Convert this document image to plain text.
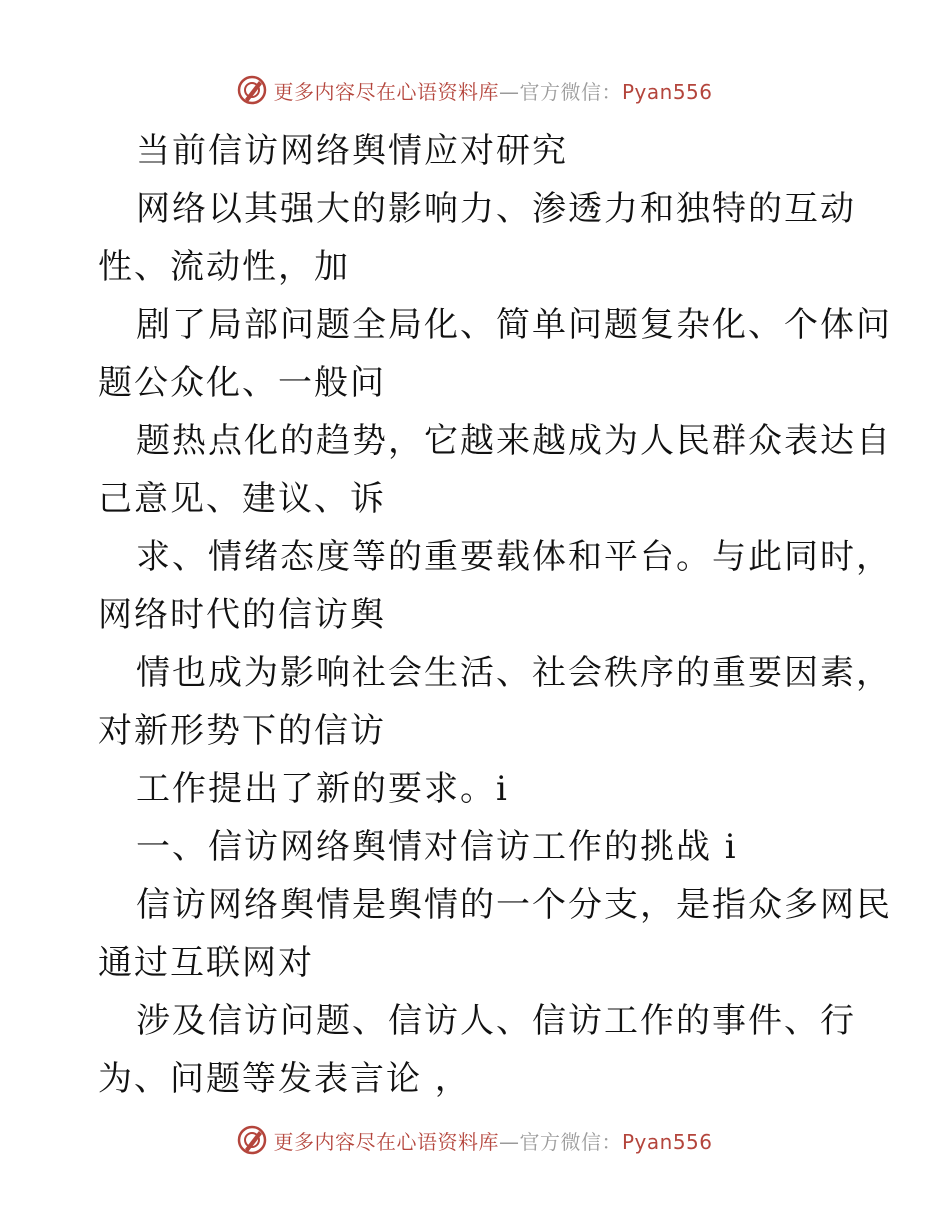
更多内容尽在心语资料库—官方微信：Pyan556
当前信访网络舆情应对研究
网络以其强大的影响力、渗透力和独特的互动
性、流动性，加
剧了局部问题全局化、简单问题复杂化、个体问
题公众化、一般问
题热点化的趋势，它越来越成为人民群众表达自
己意见、建议、诉
求、情绪态度等的重要载体和平台。与此同时，
网络时代的信访舆
情也成为影响社会生活、社会秩序的重要因素，
对新形势下的信访
工作提出了新的要求。i
一、信访网络舆情对信访工作的挑战 i
信访网络舆情是舆情的一个分支，是指众多网民
通过互联网对
涉及信访问题、信访人、信访工作的事件、行
为、问题等发表言论 ，
更多内容尽在心语资料库—官方微信：Pyan556
